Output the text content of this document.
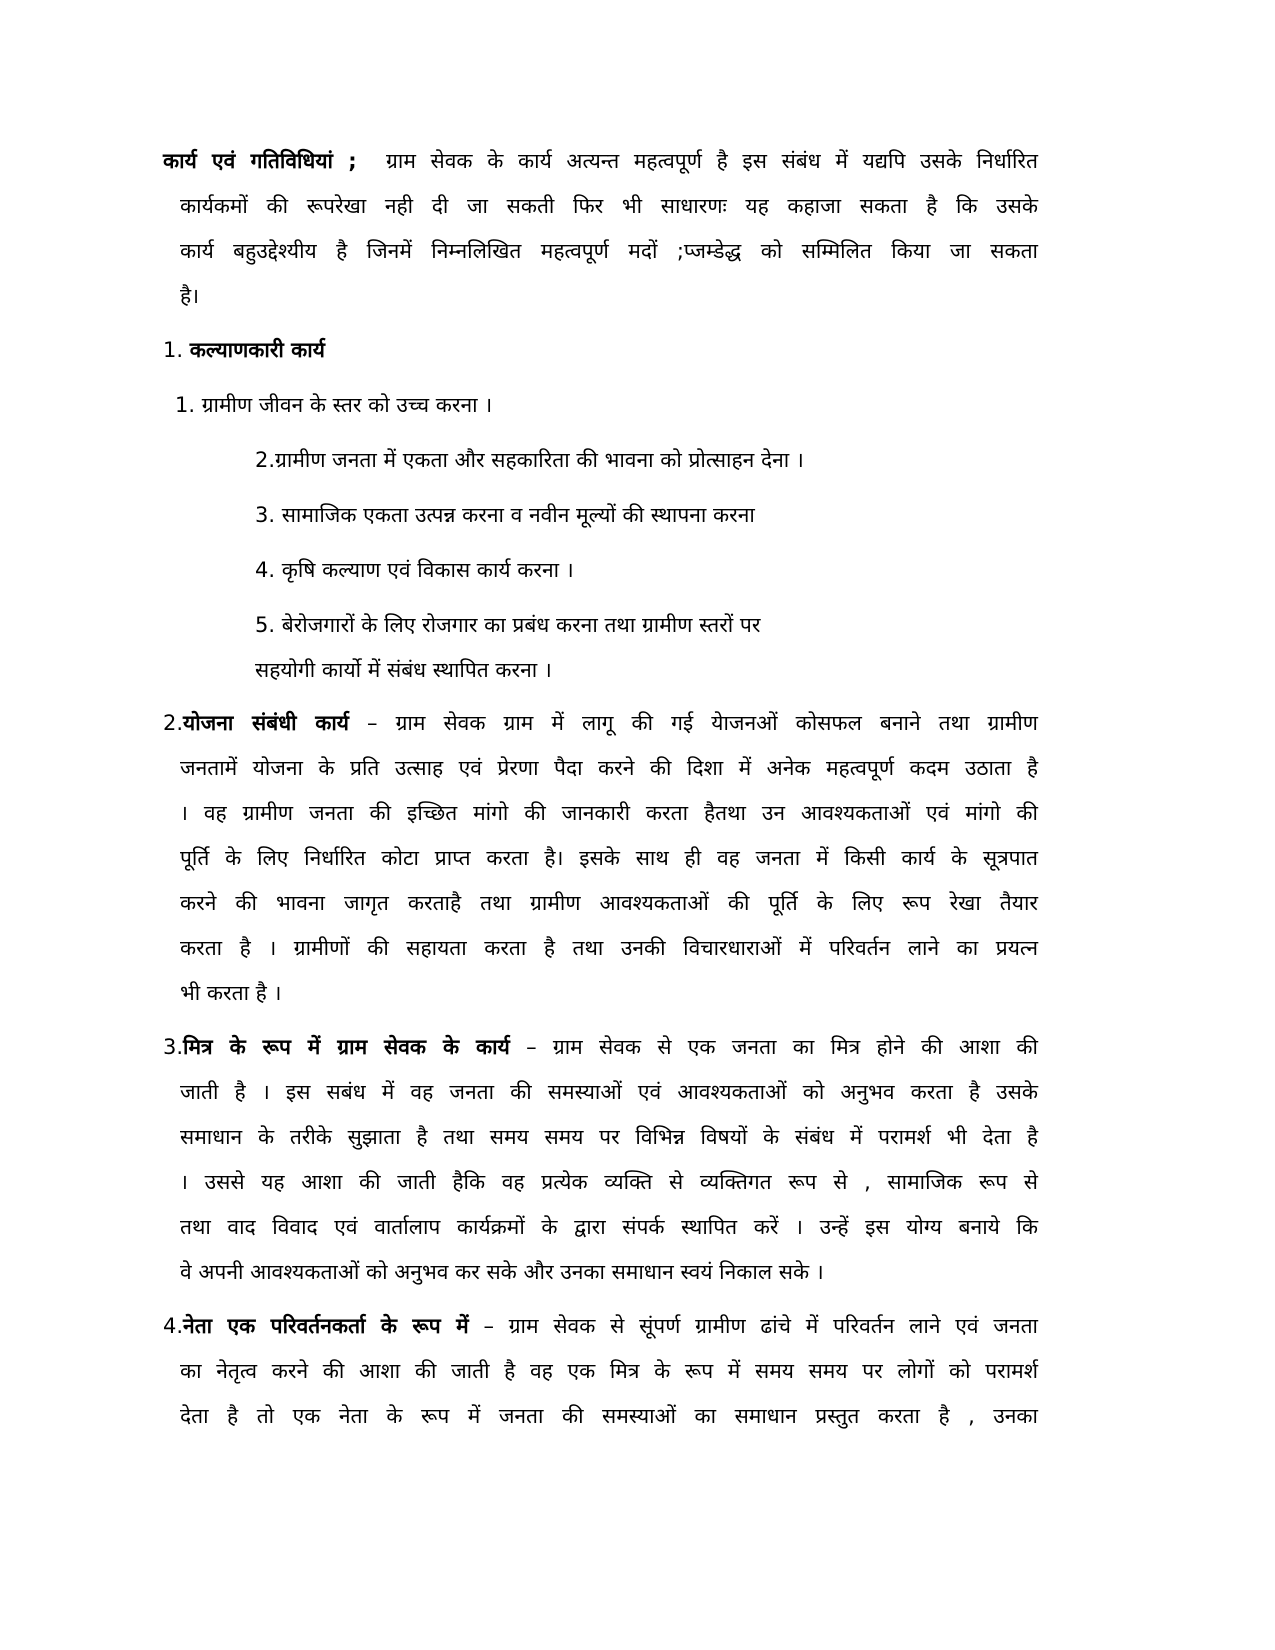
कार्य एवं गतिविधियां ; ग्राम सेवक के कार्य अत्यन्त महत्वपूर्ण है इस संबंध में यद्यपि उसके निर्धारित
कार्यकमों की रूपरेखा नही दी जा सकती फिर भी साधारणः यह कहाजा सकता है कि उसके
कार्य बहुउद्देश्यीय है जिनमें निम्नलिखित महत्वपूर्ण मदों ;प्जम्डेद्ध को सम्मिलित किया जा सकता
है।
1. कल्याणकारी कार्य
1. ग्रामीण जीवन के स्तर को उच्च करना ।
2.ग्रामीण जनता में एकता और सहकारिता की भावना को प्रोत्साहन देना ।
3. सामाजिक एकता उत्पन्न करना व नवीन मूल्यों की स्थापना करना
4. कृषि कल्याण एवं विकास कार्य करना ।
5. बेरोजगारों के लिए रोजगार का प्रबंध करना तथा ग्रामीण स्तरों पर
सहयोगी कार्यो में संबंध स्थापित करना ।
2.योजना संबंधी कार्य – ग्राम सेवक ग्राम में लागू की गई येाजनओं कोसफल बनाने तथा ग्रामीण
जनतामें योजना के प्रति उत्साह एवं प्रेरणा पैदा करने की दिशा में अनेक महत्वपूर्ण कदम उठाता है
। वह ग्रामीण जनता की इच्छित मांगो की जानकारी करता हैतथा उन आवश्यकताओं एवं मांगो की
पूर्ति के लिए निर्धारित कोटा प्राप्त करता है। इसके साथ ही वह जनता में किसी कार्य के सूत्रपात
करने की भावना जागृत करताहै तथा ग्रामीण आवश्यकताओं की पूर्ति के लिए रूप रेखा तैयार
करता है । ग्रामीणों की सहायता करता है तथा उनकी विचारधाराओं में परिवर्तन लाने का प्रयत्न
भी करता है ।
3.मित्र के रूप में ग्राम सेवक के कार्य – ग्राम सेवक से एक जनता का मित्र होने की आशा की
जाती है । इस सबंध में वह जनता की समस्याओं एवं आवश्यकताओं को अनुभव करता है उसके
समाधान के तरीके सुझाता है तथा समय समय पर विभिन्न विषयों के संबंध में परामर्श भी देता है
। उससे यह आशा की जाती हैकि वह प्रत्येक व्यक्ति से व्यक्तिगत रूप से , सामाजिक रूप से
तथा वाद विवाद एवं वार्तालाप कार्यक्रमों के द्वारा संपर्क स्थापित करें । उन्हें इस योग्य बनाये कि
वे अपनी आवश्यकताओं को अनुभव कर सके और उनका समाधान स्वयं निकाल सके ।
4.नेता एक परिवर्तनकर्ता के रूप में – ग्राम सेवक से सूंपर्ण ग्रामीण ढांचे में परिवर्तन लाने एवं जनता
का नेतृत्व करने की आशा की जाती है वह एक मित्र के रूप में समय समय पर लोगों को परामर्श
देता है तो एक नेता के रूप में जनता की समस्याओं का समाधान प्रस्तुत करता है , उनका
